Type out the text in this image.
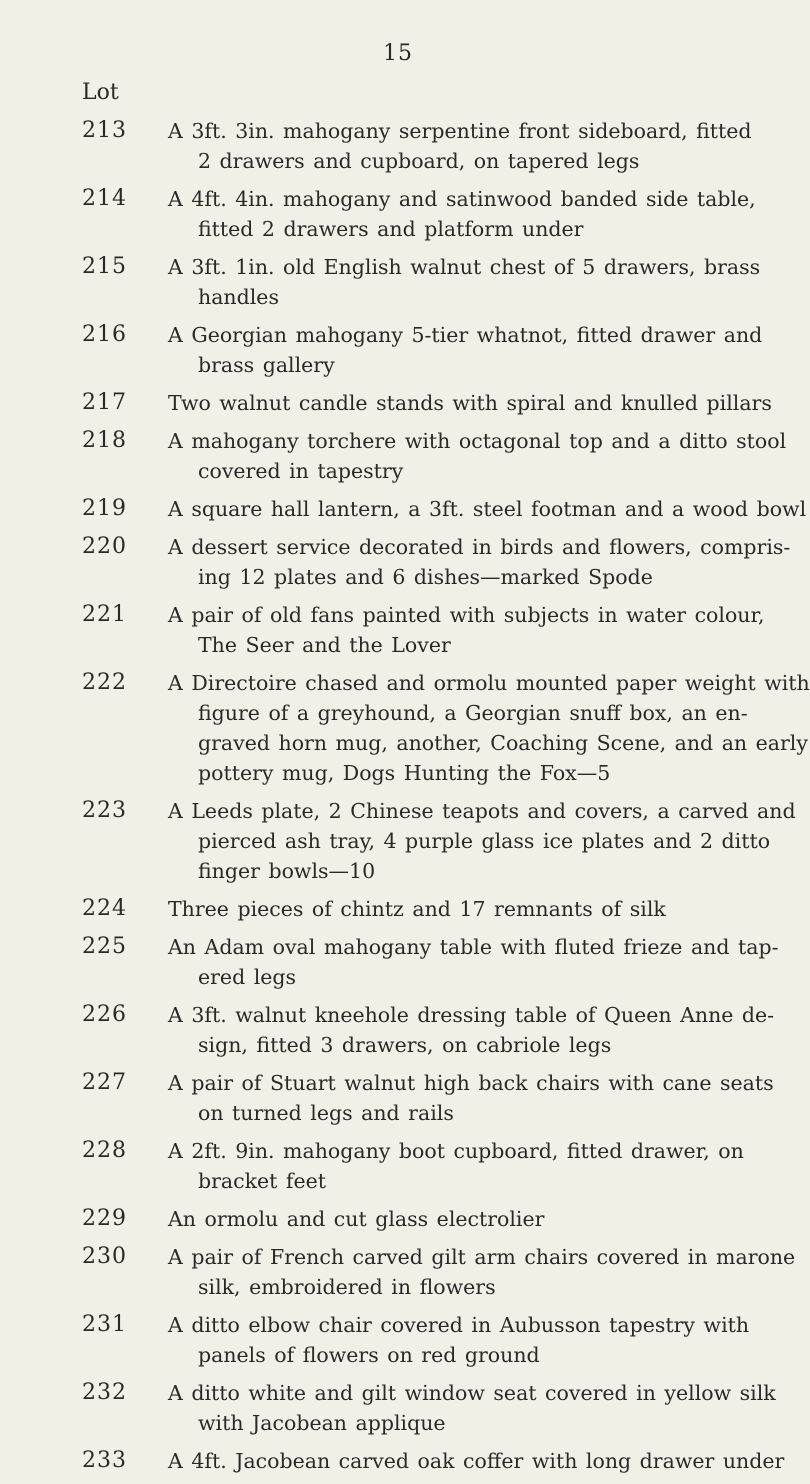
15
Lot
213 A 3ft. 3in. mahogany serpentine front sideboard, fitted
2 drawers and cupboard, on tapered legs
214 A 4ft. 4in. mahogany and satinwood banded side table,
fitted 2 drawers and platform under
215 A 3ft. 1in. old English walnut chest of 5 drawers, brass
handles
216 A Georgian mahogany 5-tier whatnot, fitted drawer and
brass gallery
217 Two walnut candle stands with spiral and knulled pillars
218 A mahogany torchere with octagonal top and a ditto stool
covered in tapestry
219 A square hall lantern, a 3ft. steel footman and a wood bowl
220 A dessert service decorated in birds and flowers, compris-
ing 12 plates and 6 dishes—marked Spode
221 A pair of old fans painted with subjects in water colour,
The Seer and the Lover
222 A Directoire chased and ormolu mounted paper weight with
figure of a greyhound, a Georgian snuff box, an en-
graved horn mug, another, Coaching Scene, and an early
pottery mug, Dogs Hunting the Fox—5
223 A Leeds plate, 2 Chinese teapots and covers, a carved and
pierced ash tray, 4 purple glass ice plates and 2 ditto
finger bowls—10
224 Three pieces of chintz and 17 remnants of silk
225 An Adam oval mahogany table with fluted frieze and tap-
ered legs
226 A 3ft. walnut kneehole dressing table of Queen Anne de-
sign, fitted 3 drawers, on cabriole legs
227 A pair of Stuart walnut high back chairs with cane seats
on turned legs and rails
228 A 2ft. 9in. mahogany boot cupboard, fitted drawer, on
bracket feet
229 An ormolu and cut glass electrolier
230 A pair of French carved gilt arm chairs covered in marone
silk, embroidered in flowers
231 A ditto elbow chair covered in Aubusson tapestry with
panels of flowers on red ground
232 A ditto white and gilt window seat covered in yellow silk
with Jacobean applique
233 A 4ft. Jacobean carved oak coffer with long drawer under
